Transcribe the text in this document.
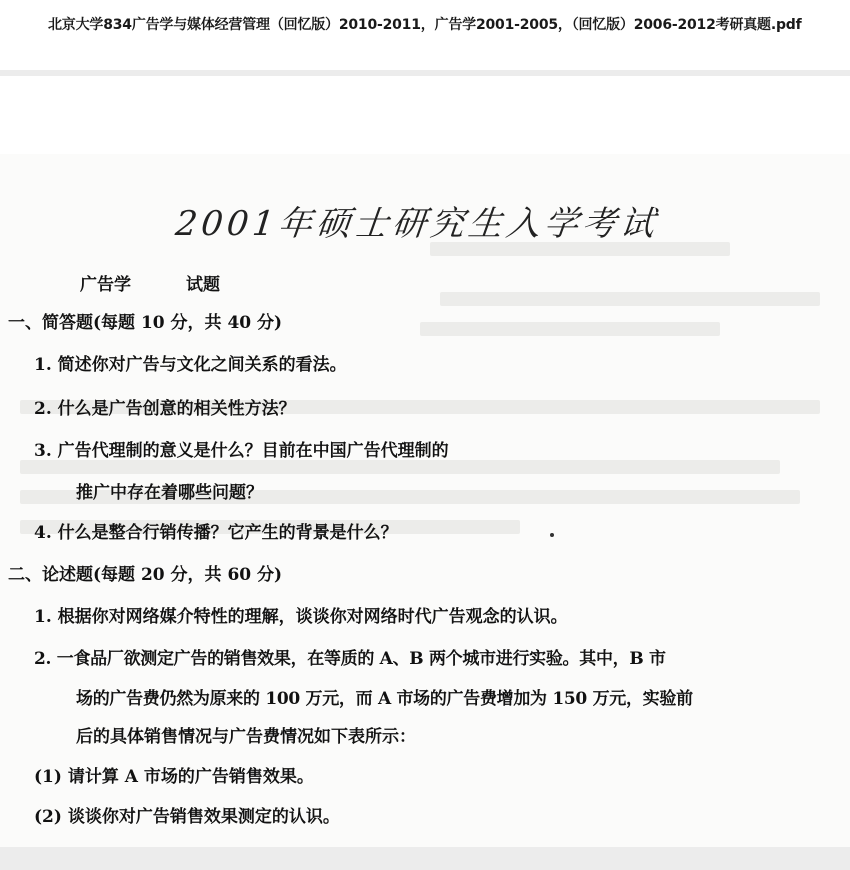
北京大学834广告学与媒体经营管理（回忆版）2010-2011，广告学2001-2005，（回忆版）2006-2012考研真题.pdf
2001年硕士研究生入学考试
广告学	试题
一、简答题(每题 10 分，共 40 分)
1. 简述你对广告与文化之间关系的看法。
2. 什么是广告创意的相关性方法？
3. 广告代理制的意义是什么？目前在中国广告代理制的
推广中存在着哪些问题？
4. 什么是整合行销传播？它产生的背景是什么？
二、论述题(每题 20 分，共 60 分)
1. 根据你对网络媒介特性的理解，谈谈你对网络时代广告观念的认识。
2. 一食品厂欲测定广告的销售效果，在等质的 A、B 两个城市进行实验。其中，B 市
场的广告费仍然为原来的 100 万元，而 A 市场的广告费增加为 150 万元，实验前
后的具体销售情况与广告费情况如下表所示：
(1) 请计算 A 市场的广告销售效果。
(2) 谈谈你对广告销售效果测定的认识。
